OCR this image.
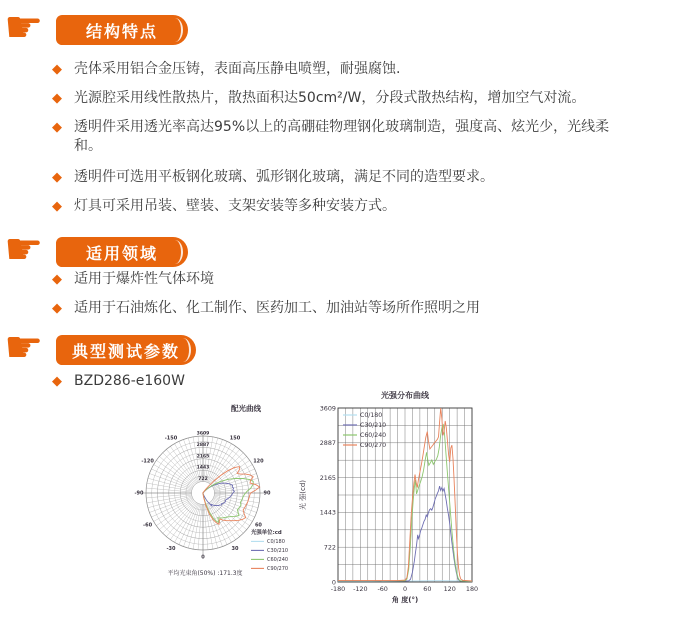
☛	结构特点
◆ 壳体采用铝合金压铸，表面高压静电喷塑，耐强腐蚀.
◆ 光源腔采用线性散热片，散热面积达50cm²/W，分段式散热结构，增加空气对流。
◆ 透明件采用透光率高达95%以上的高硼硅物理钢化玻璃制造，强度高、炫光少，光线柔和。
◆ 透明件可选用平板钢化玻璃、弧形钢化玻璃，满足不同的造型要求。
◆ 灯具可采用吊装、壁装、支架安装等多种安装方式。
☛	适用领域
◆ 适用于爆炸性气体环境
◆ 适用于石油炼化、化工制作、医药加工、加油站等场所作照明之用
☛ 典型测试参数
◆ BZD286-e160W
722
1443
2165
2887
3609
-150
-120
-90
-60
-30
0
30
60
90
120
150
配光曲线
光强单位:cd
C0/180
C30/210
C60/240
C90/270
平均光束角(50%) :171.3度
C0/180
C30/210
C60/240
C90/270
0
722
1443
2165
2887
3609
-180 -120 -60 0	60 120 180
光强分布曲线
角 度(°)
光 强(cd)
